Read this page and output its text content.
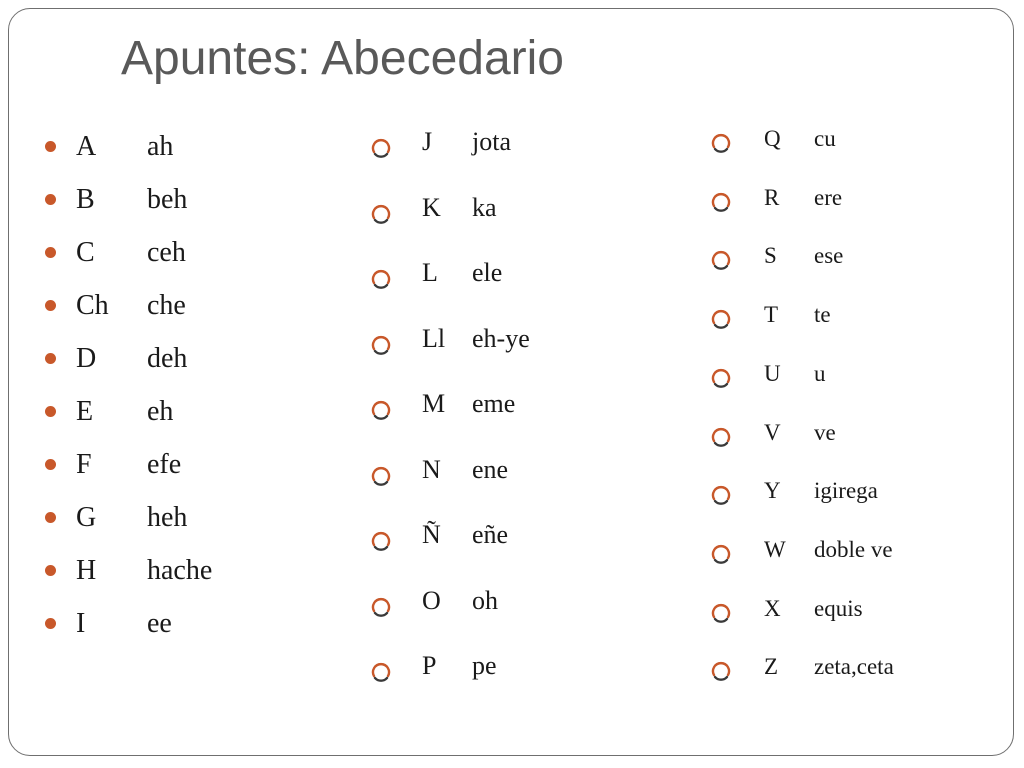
Apuntes: Abecedario
A ah
B beh
C ceh
Ch che
D deh
E eh
F efe
G heh
H hache
I ee
J jota
K ka
L ele
Ll eh-ye
M eme
N ene
Ñ eñe
O oh
P pe
Q cu
R ere
S ese
T te
U u
V ve
Y igirega
W doble ve
X equis
Z zeta,ceta
